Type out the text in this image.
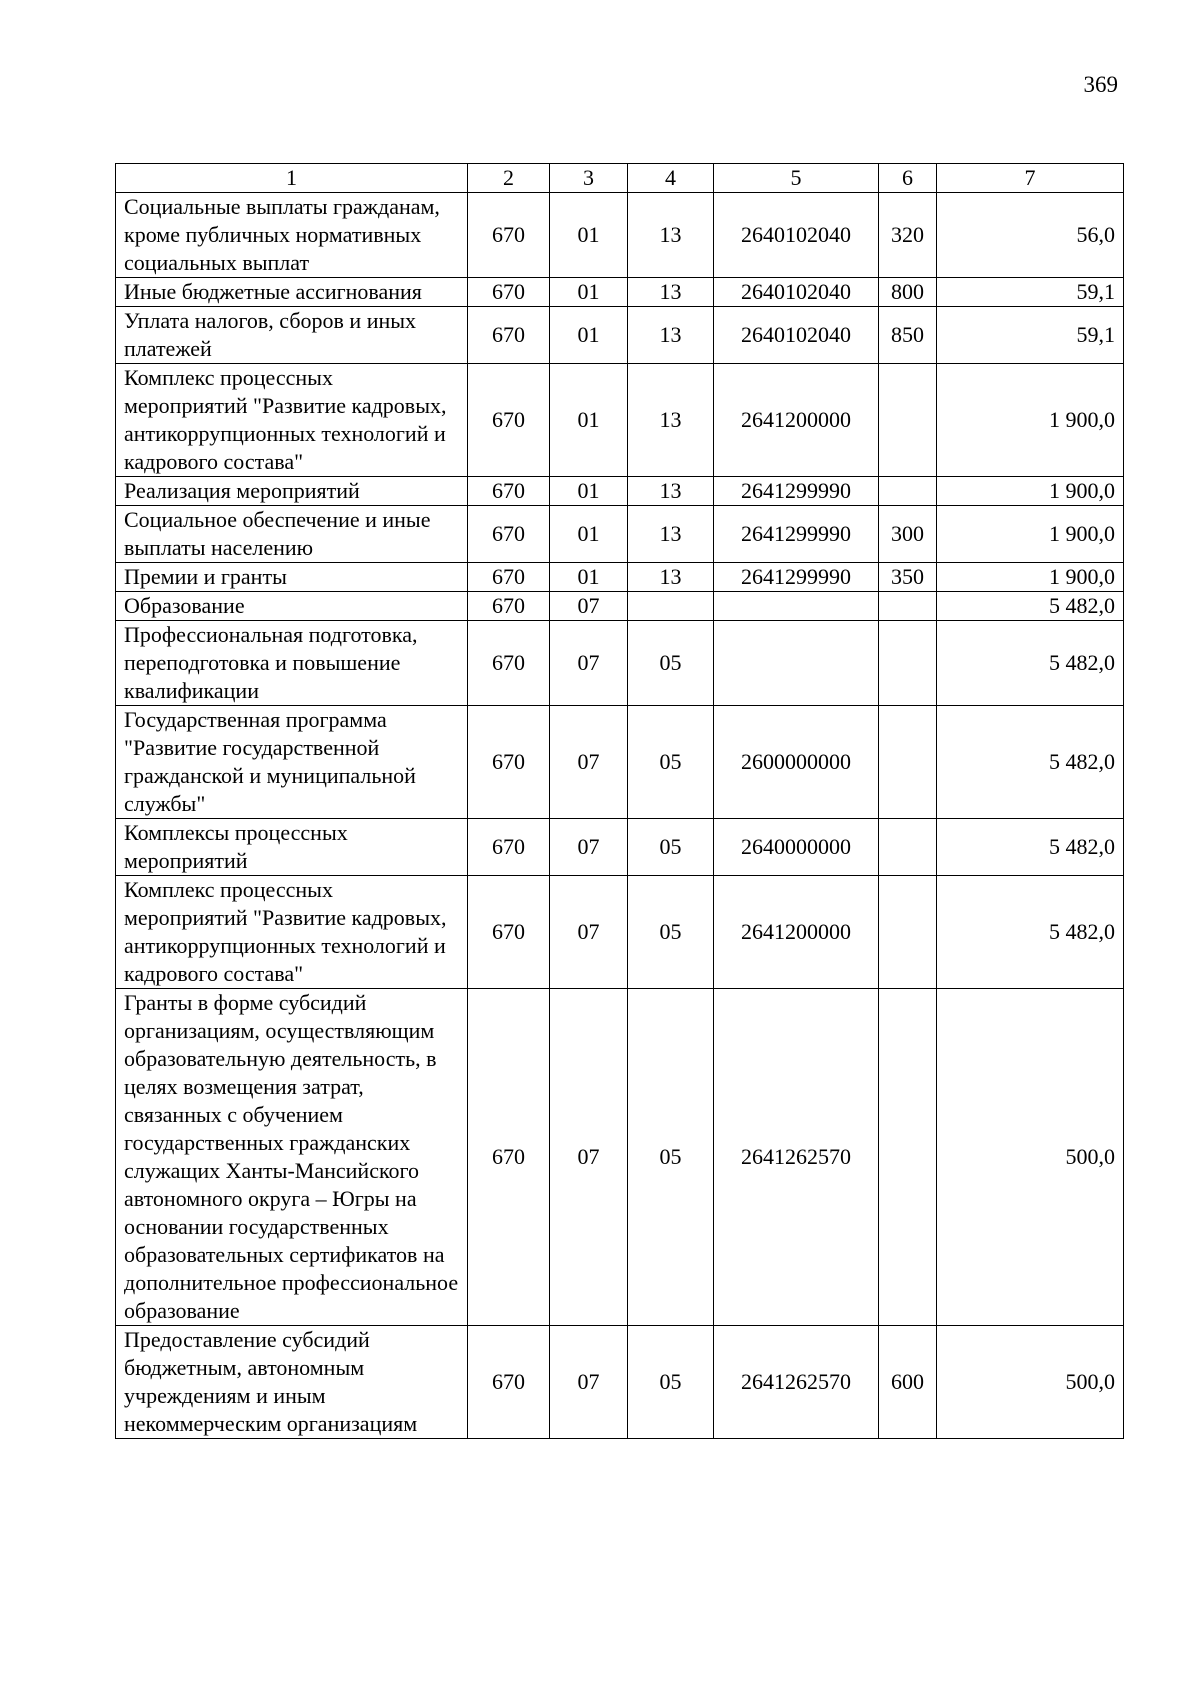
369
1	2	3	4	5	6	7
Социальные выплаты гражданам, кроме публичных нормативных социальных выплат	670	01	13	2640102040	320	56,0
Иные бюджетные ассигнования	670	01	13	2640102040	800	59,1
Уплата налогов, сборов и иных платежей	670	01	13	2640102040	850	59,1
Комплекс процессных мероприятий "Развитие кадровых, антикоррупционных технологий и кадрового состава"	670	01	13	2641200000		1 900,0
Реализация мероприятий	670	01	13	2641299990		1 900,0
Социальное обеспечение и иные выплаты населению	670	01	13	2641299990	300	1 900,0
Премии и гранты	670	01	13	2641299990	350	1 900,0
Образование	670	07				5 482,0
Профессиональная подготовка, переподготовка и повышение квалификации	670	07	05			5 482,0
Государственная программа "Развитие государственной гражданской и муниципальной службы"	670	07	05	2600000000		5 482,0
Комплексы процессных мероприятий	670	07	05	2640000000		5 482,0
Комплекс процессных мероприятий "Развитие кадровых, антикоррупционных технологий и кадрового состава"	670	07	05	2641200000		5 482,0
Гранты в форме субсидий организациям, осуществляющим образовательную деятельность, в целях возмещения затрат, связанных с обучением государственных гражданских служащих Ханты-Мансийского автономного округа – Югры на основании государственных образовательных сертификатов на дополнительное профессиональное образование	670	07	05	2641262570		500,0
Предоставление субсидий бюджетным, автономным учреждениям и иным некоммерческим организациям	670	07	05	2641262570	600	500,0
